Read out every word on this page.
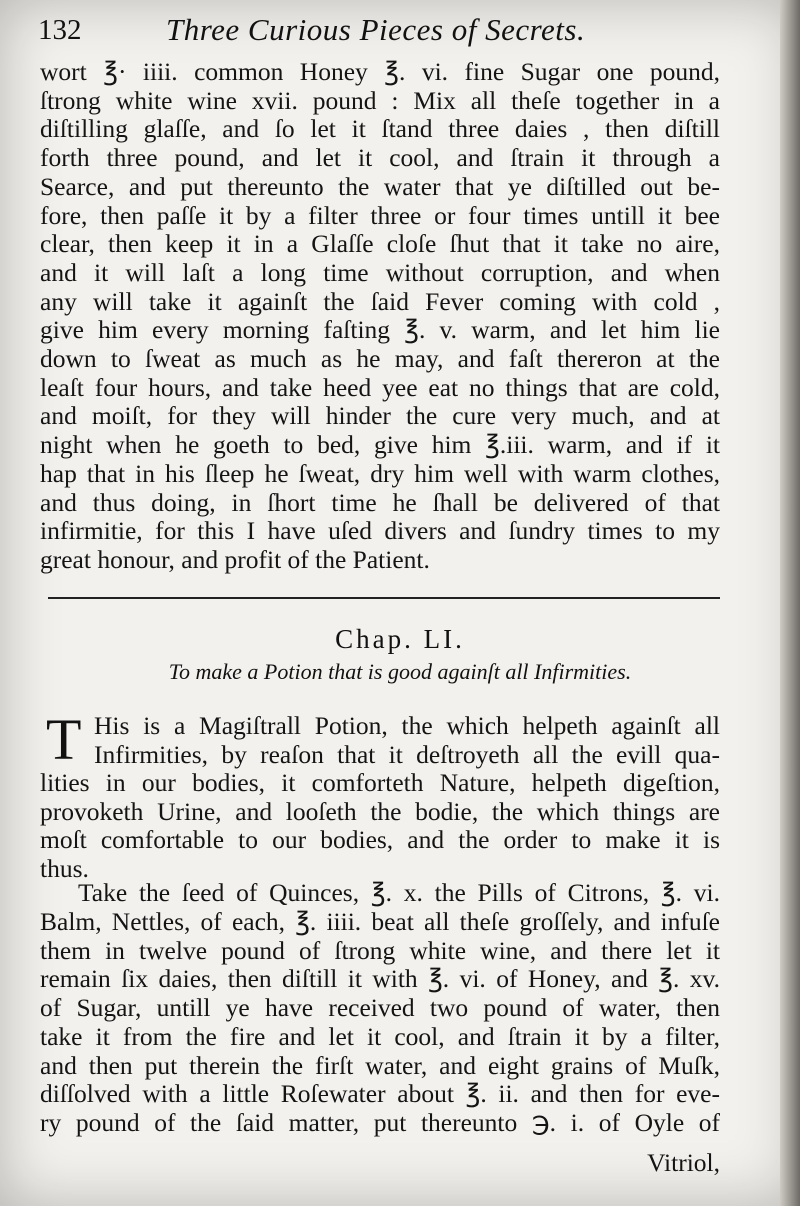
132	Three Curious Pieces of Secrets.
wort ℥· iiii. common Honey ℥. vi. fine Sugar one pound,
ſtrong white wine xvii. pound : Mix all theſe together in a
diſtilling glaſſe, and ſo let it ſtand three daies , then diſtill
forth three pound, and let it cool, and ſtrain it through a
Searce, and put thereunto the water that ye diſtilled out be-
fore, then paſſe it by a filter three or four times untill it bee
clear, then keep it in a Glaſſe cloſe ſhut that it take no aire,
and it will laſt a long time without corruption, and when
any will take it againſt the ſaid Fever coming with cold ,
give him every morning faſting ℥. v. warm, and let him lie
down to ſweat as much as he may, and faſt thereron at the
leaſt four hours, and take heed yee eat no things that are cold,
and moiſt, for they will hinder the cure very much, and at
night when he goeth to bed, give him ℥.iii. warm, and if it
hap that in his ſleep he ſweat, dry him well with warm clothes,
and thus doing, in ſhort time he ſhall be delivered of that
infirmitie, for this I have uſed divers and ſundry times to my
great honour, and profit of the Patient.
Chap. LI.
To make a Potion that is good againſt all Infirmities.
T His is a Magiſtrall Potion, the which helpeth againſt all
Infirmities, by reaſon that it deſtroyeth all the evill qua-
lities in our bodies, it comforteth Nature, helpeth digeſtion,
provoketh Urine, and looſeth the bodie, the which things are
moſt comfortable to our bodies, and the order to make it is
thus.
Take the ſeed of Quinces, ℥. x. the Pills of Citrons, ℥. vi.
Balm, Nettles, of each, ℥. iiii. beat all theſe groſſely, and infuſe
them in twelve pound of ſtrong white wine, and there let it
remain ſix daies, then diſtill it with ℥. vi. of Honey, and ℥. xv.
of Sugar, untill ye have received two pound of water, then
take it from the fire and let it cool, and ſtrain it by a filter,
and then put therein the firſt water, and eight grains of Muſk,
diſſolved with a little Roſewater about ℥. ii. and then for eve-
ry pound of the ſaid matter, put thereunto ℈. i. of Oyle of
Vitriol,
